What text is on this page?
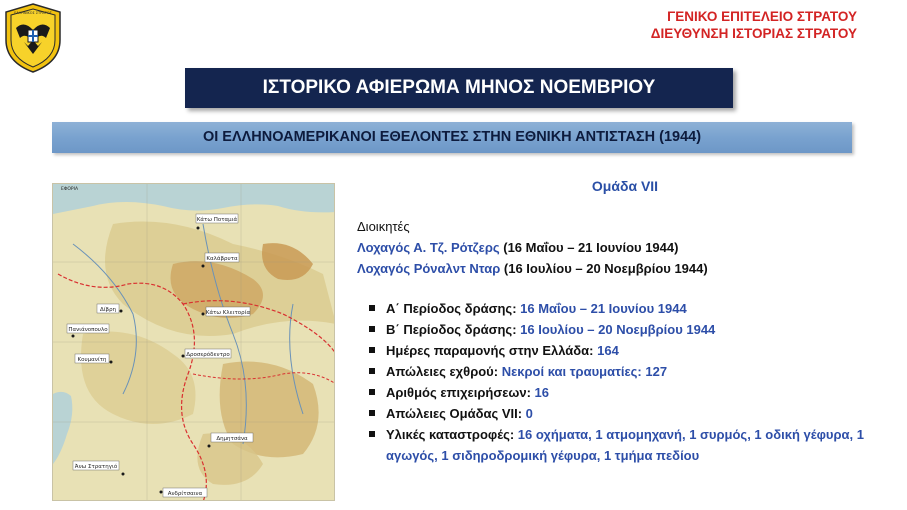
ΕΛΛΗΝΙΚΟΣ ΣΤΡΑΤΟΣ	ΓΕΝΙΚΟ ΕΠΙΤΕΛΕΙΟ ΣΤΡΑΤΟΥ
ΔΙΕΥΘΥΝΣΗ ΙΣΤΟΡΙΑΣ ΣΤΡΑΤΟΥ
ΙΣΤΟΡΙΚΟ ΑΦΙΕΡΩΜΑ ΜΗΝΟΣ ΝΟΕΜΒΡΙΟΥ
ΟΙ ΕΛΛΗΝΟΑΜΕΡΙΚΑΝΟΙ ΕΘΕΛΟΝΤΕΣ ΣΤΗΝ ΕΘΝΙΚΗ ΑΝΤΙΣΤΑΣΗ (1944)
Κάτω Ποταμιά
Καλάβρυτα
Κάτω Κλειτορία
Δίβρη
Πανιάνοπουλο
Κουμανίτη
Δροσερόδεντρο
Δημητσάνα
Άνω Στρατηγιό
Ανδρίτσαινα
ΕΦΟΡΙΑ	Ομάδα VII
Διοικητές
Λοχαγός Α. Τζ. Ρότζερς (16 Μαΐου – 21 Ιουνίου 1944)
Λοχαγός Ρόναλντ Νταρ (16 Ιουλίου – 20 Νοεμβρίου 1944)
Α΄ Περίοδος δράσης: 16 Μαΐου – 21 Ιουνίου 1944
Β΄ Περίοδος δράσης: 16 Ιουλίου – 20 Νοεμβρίου 1944
Ημέρες παραμονής στην Ελλάδα: 164
Απώλειες εχθρού: Νεκροί και τραυματίες: 127
Αριθμός επιχειρήσεων: 16
Απώλειες Ομάδας VII: 0
Υλικές καταστροφές: 16 οχήματα, 1 ατμομηχανή, 1 συρμός, 1 οδική γέφυρα, 1 αγωγός, 1 σιδηροδρομική γέφυρα, 1 τμήμα πεδίου
